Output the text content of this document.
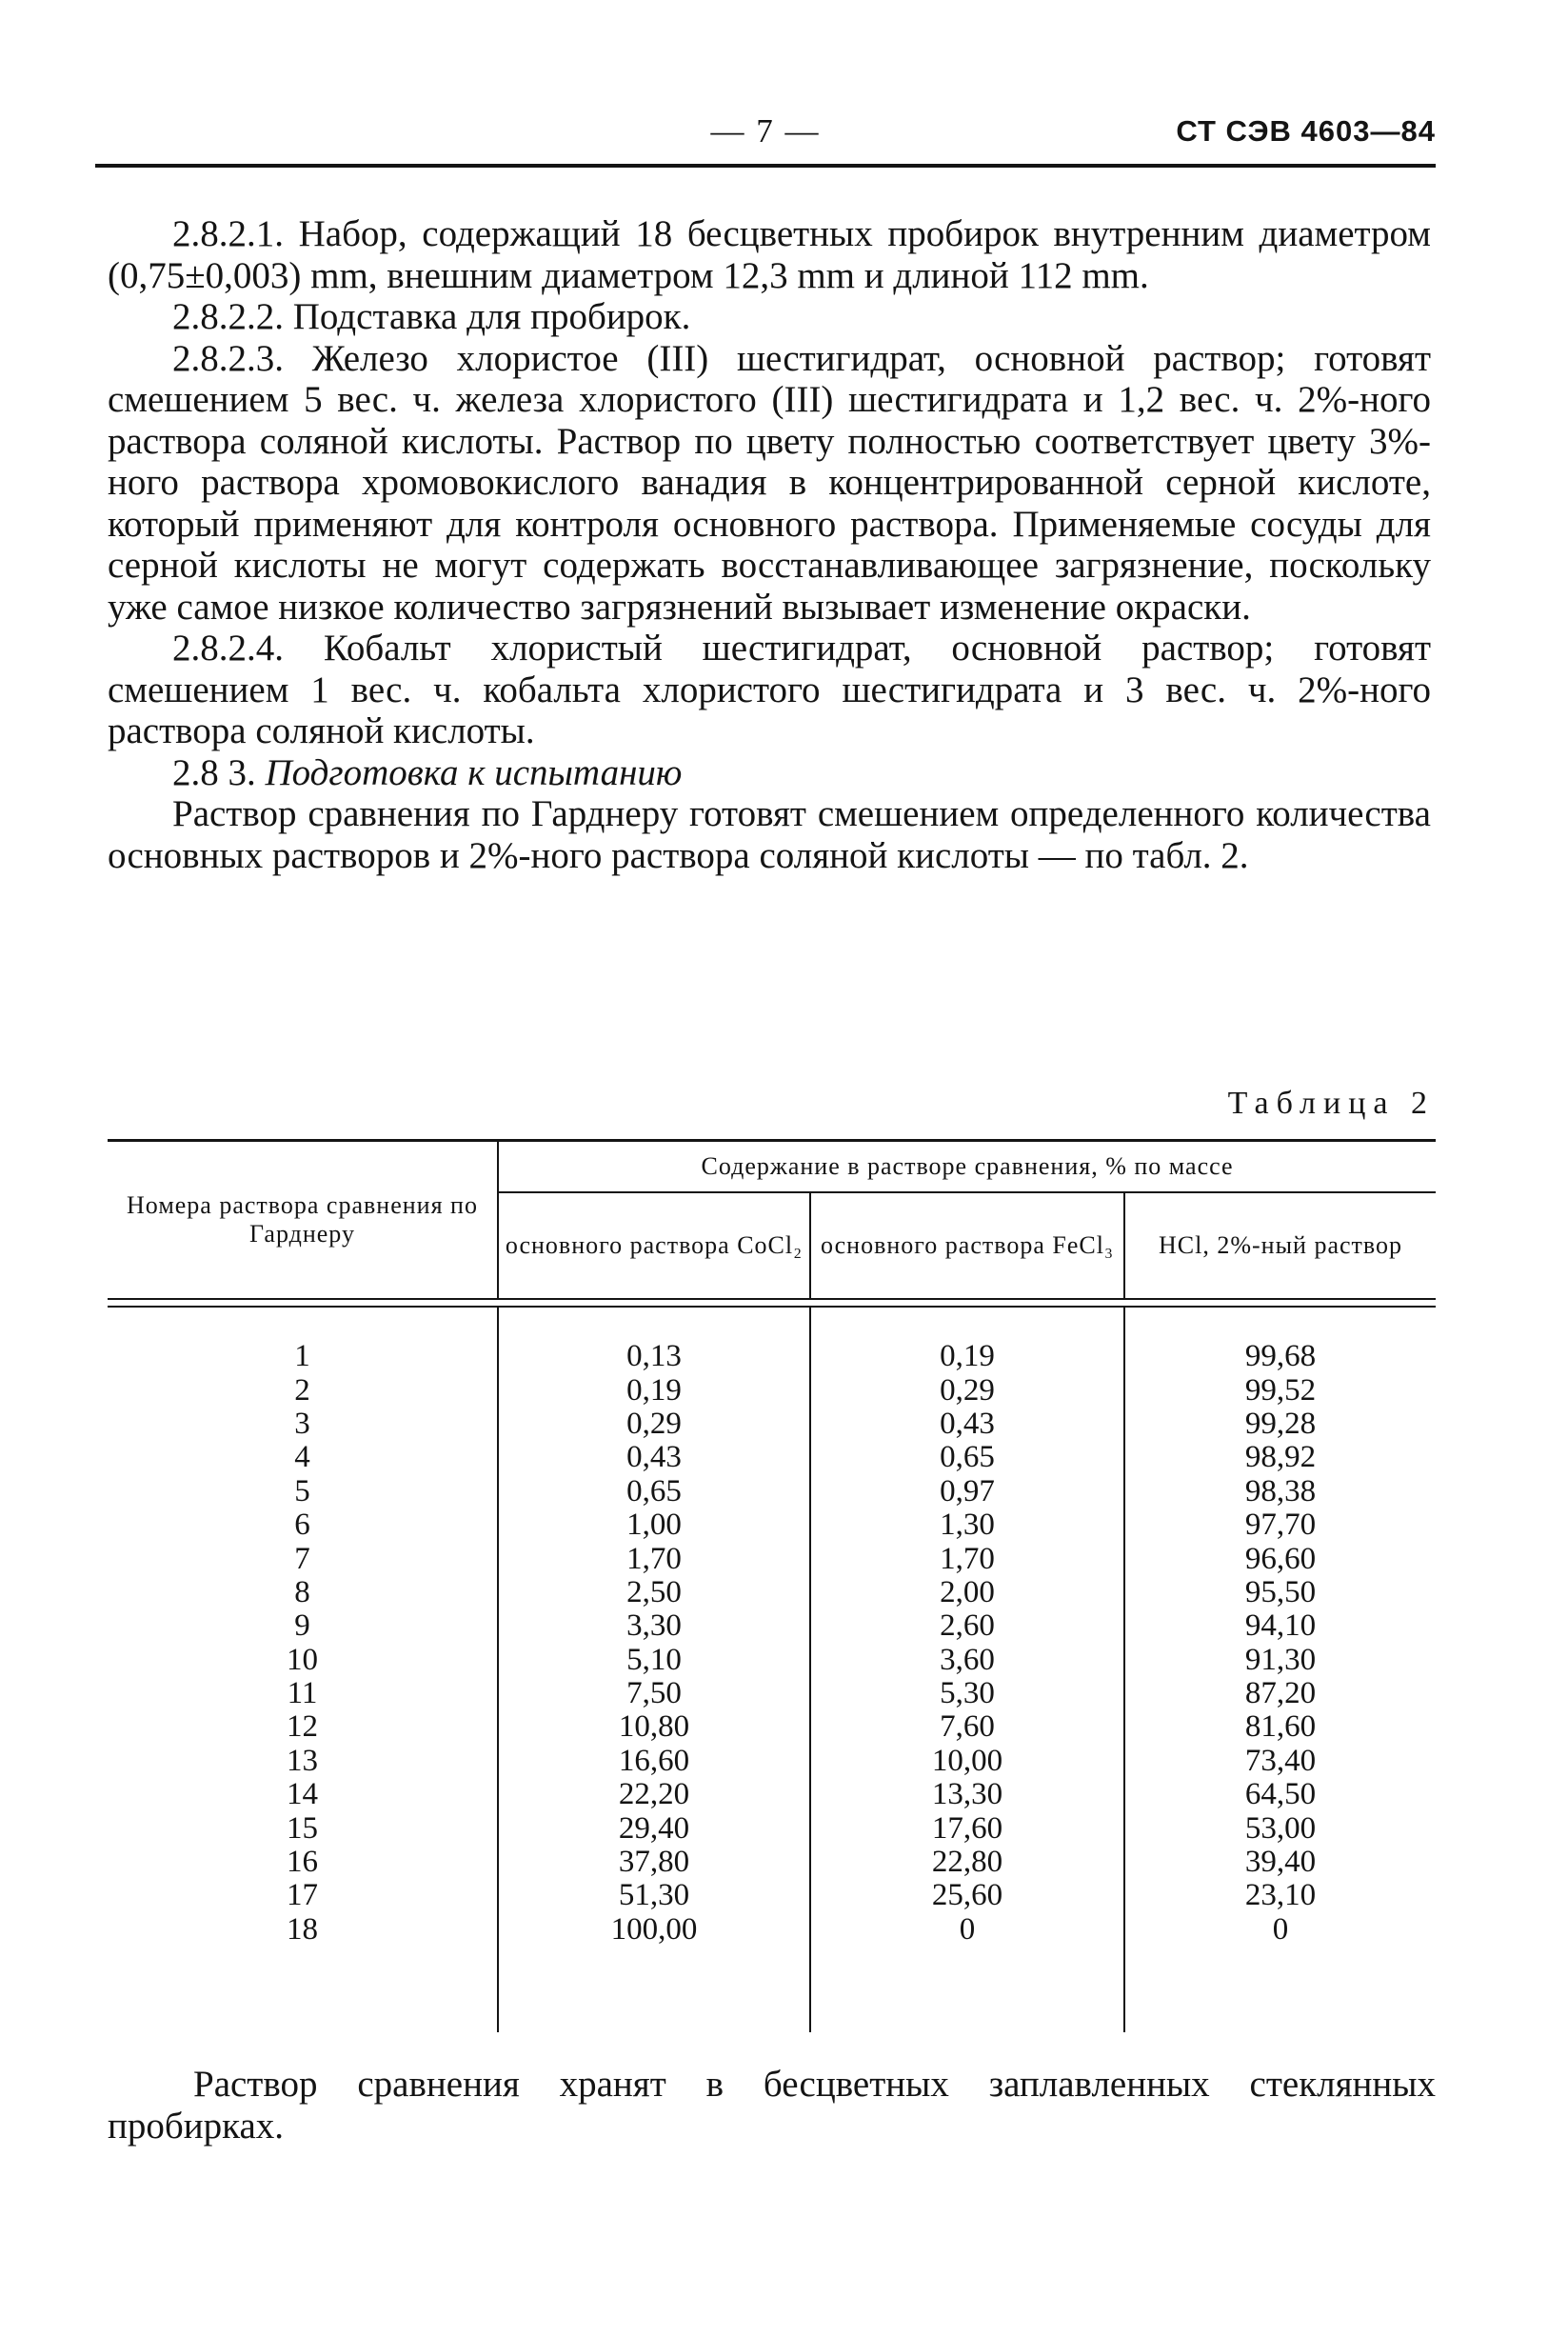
— 7 —	СТ СЭВ 4603—84

2.8.2.1. Набор, содержащий 18 бесцветных пробирок внутренним диаметром (0,75±0,003) mm, внешним диаметром 12,3 mm и длиной 112 mm.

2.8.2.2. Подставка для пробирок.

2.8.2.3. Железо хлористое (III) шестигидрат, основной раствор; готовят смешением 5 вес. ч. железа хлористого (III) шестигидрата и 1,2 вес. ч. 2%-ного раствора соляной кислоты. Раствор по цвету полностью соответствует цвету 3%-ного раствора хромовокислого ванадия в концентрированной серной кислоте, который применяют для контроля основного раствора. Применяемые сосуды для серной кислоты не могут содержать восстанавливающее загрязнение, поскольку уже самое низкое количество загрязнений вызывает изменение окраски.

2.8.2.4. Кобальт хлористый шестигидрат, основной раствор; готовят смешением 1 вес. ч. кобальта хлористого шестигидрата и 3 вес. ч. 2%-ного раствора соляной кислоты.

2.8 3. Подготовка к испытанию

Раствор сравнения по Гарднеру готовят смешением определенного количества основных растворов и 2%-ного раствора соляной кислоты — по табл. 2.

Таблица 2
Номера раствора сравнения по Гарднеру	Содержание в растворе сравнения, % по массе		
	основного раствора CoCl₂	основного раствора FeCl₃	HCl, 2%-ный раствор

1	0,13	0,19	99,68
2	0,19	0,29	99,52
3	0,29	0,43	99,28
4	0,43	0,65	98,92
5	0,65	0,97	98,38
6	1,00	1,30	97,70
7	1,70	1,70	96,60
8	2,50	2,00	95,50
9	3,30	2,60	94,10
10	5,10	3,60	91,30
11	7,50	5,30	87,20
12	10,80	7,60	81,60
13	16,60	10,00	73,40
14	22,20	13,30	64,50
15	29,40	17,60	53,00
16	37,80	22,80	39,40
17	51,30	25,60	23,10
18	100,00	0	0

Раствор сравнения хранят в бесцветных заплавленных стеклянных пробирках.
